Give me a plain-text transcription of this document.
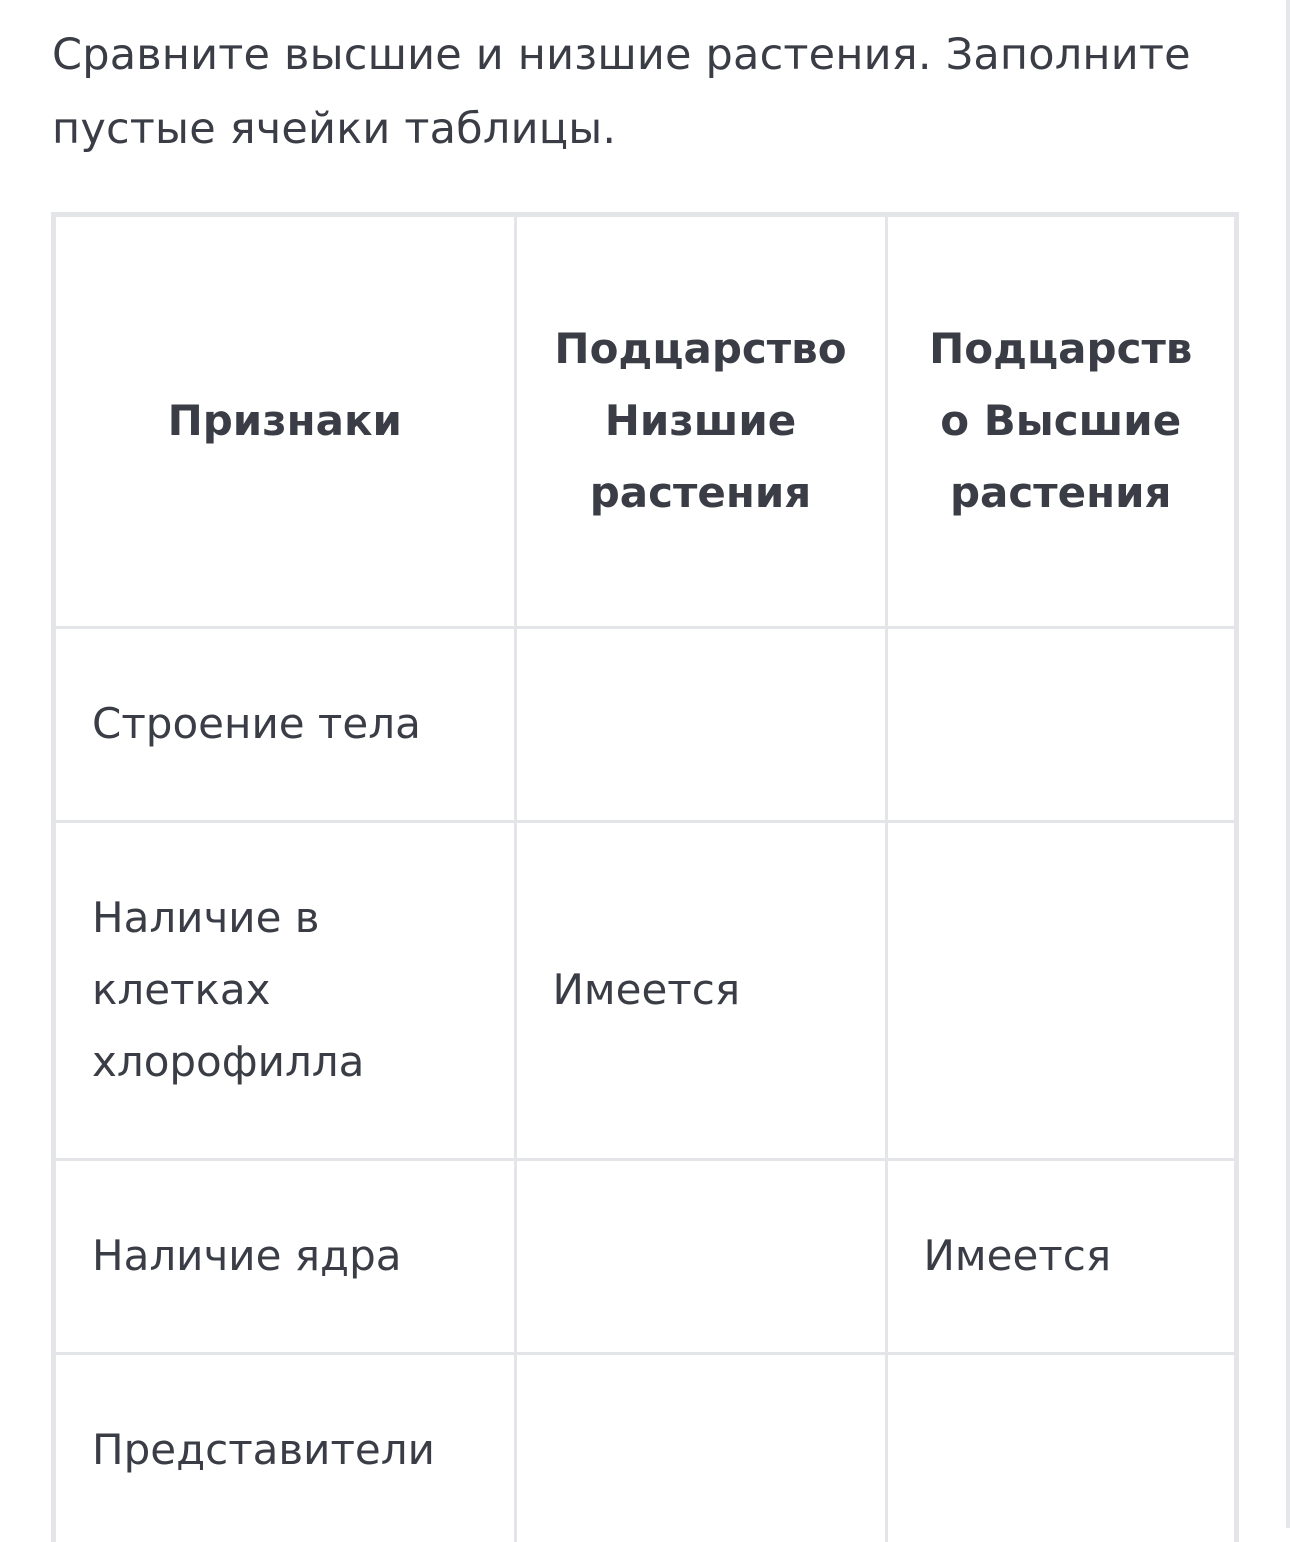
Сравните высшие и низшие растения. Заполните пустые ячейки таблицы.

Признаки	Подцарство Низшие растения	Подцарство Высшие растения
Строение тела		
Наличие в клетках хлорофилла	Имеется	
Наличие ядра		Имеется
Представители		
